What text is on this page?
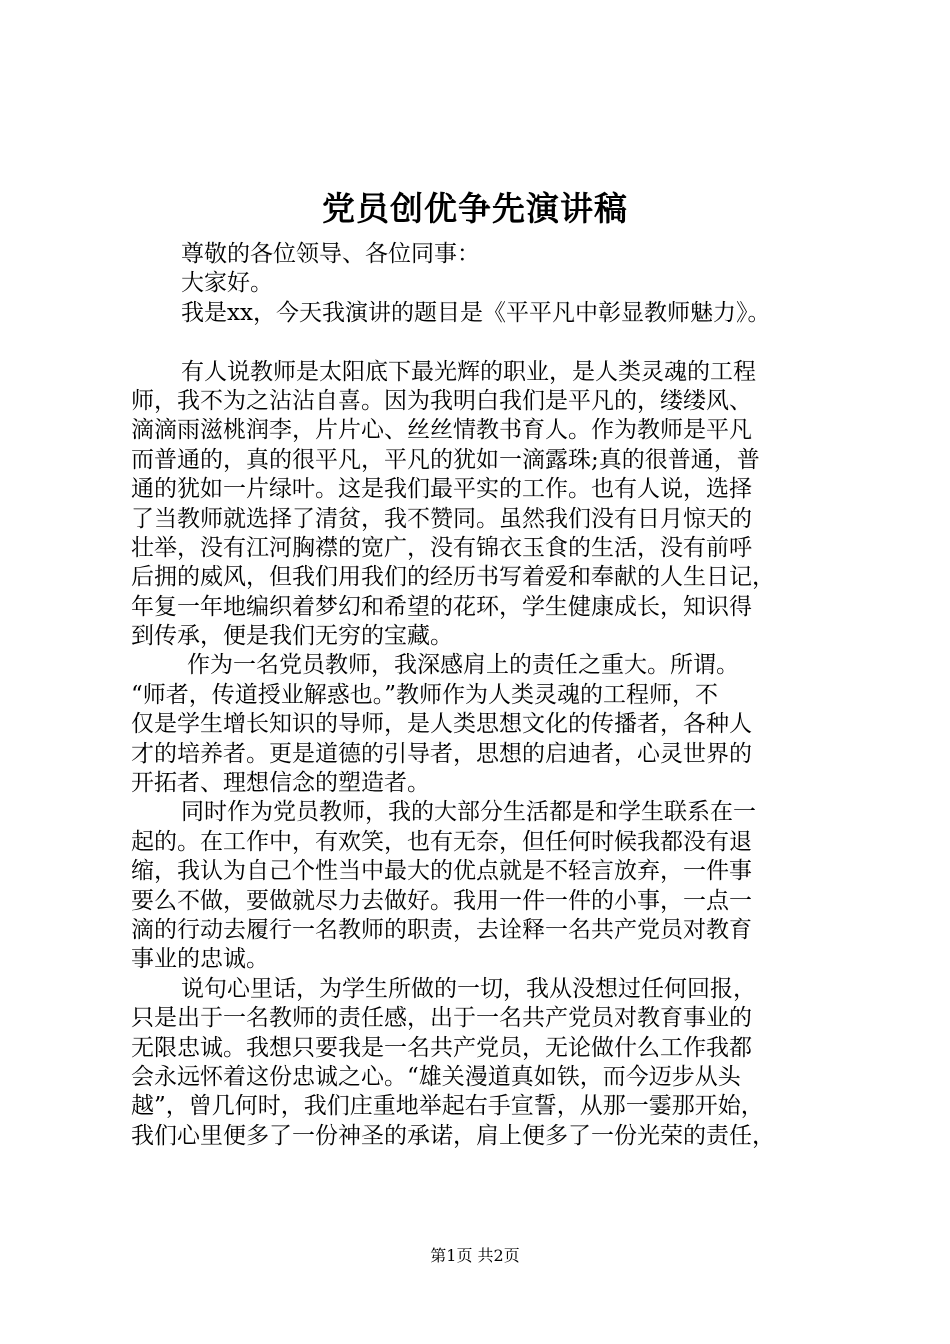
党员创优争先演讲稿
尊敬的各位领导、各位同事：
大家好。
我是xx，今天我演讲的题目是《平平凡中彰显教师魅力》。
有人说教师是太阳底下最光辉的职业，是人类灵魂的工程
师，我不为之沾沾自喜。因为我明白我们是平凡的，缕缕风、
滴滴雨滋桃润李，片片心、丝丝情教书育人。作为教师是平凡
而普通的，真的很平凡，平凡的犹如一滴露珠;真的很普通，普
通的犹如一片绿叶。这是我们最平实的工作。也有人说，选择
了当教师就选择了清贫，我不赞同。虽然我们没有日月惊天的
壮举，没有江河胸襟的宽广，没有锦衣玉食的生活，没有前呼
后拥的威风，但我们用我们的经历书写着爱和奉献的人生日记，
年复一年地编织着梦幻和希望的花环，学生健康成长，知识得
到传承，便是我们无穷的宝藏。
作为一名党员教师，我深感肩上的责任之重大。所谓。
“师者，传道授业解惑也。”教师作为人类灵魂的工程师，不
仅是学生增长知识的导师，是人类思想文化的传播者，各种人
才的培养者。更是道德的引导者，思想的启迪者，心灵世界的
开拓者、理想信念的塑造者。
同时作为党员教师，我的大部分生活都是和学生联系在一
起的。在工作中，有欢笑，也有无奈，但任何时候我都没有退
缩，我认为自己个性当中最大的优点就是不轻言放弃，一件事
要么不做，要做就尽力去做好。我用一件一件的小事，一点一
滴的行动去履行一名教师的职责，去诠释一名共产党员对教育
事业的忠诚。
说句心里话，为学生所做的一切，我从没想过任何回报，
只是出于一名教师的责任感，出于一名共产党员对教育事业的
无限忠诚。我想只要我是一名共产党员，无论做什么工作我都
会永远怀着这份忠诚之心。“雄关漫道真如铁，而今迈步从头
越”，曾几何时，我们庄重地举起右手宣誓，从那一霎那开始，
我们心里便多了一份神圣的承诺，肩上便多了一份光荣的责任，
第1页 共2页
